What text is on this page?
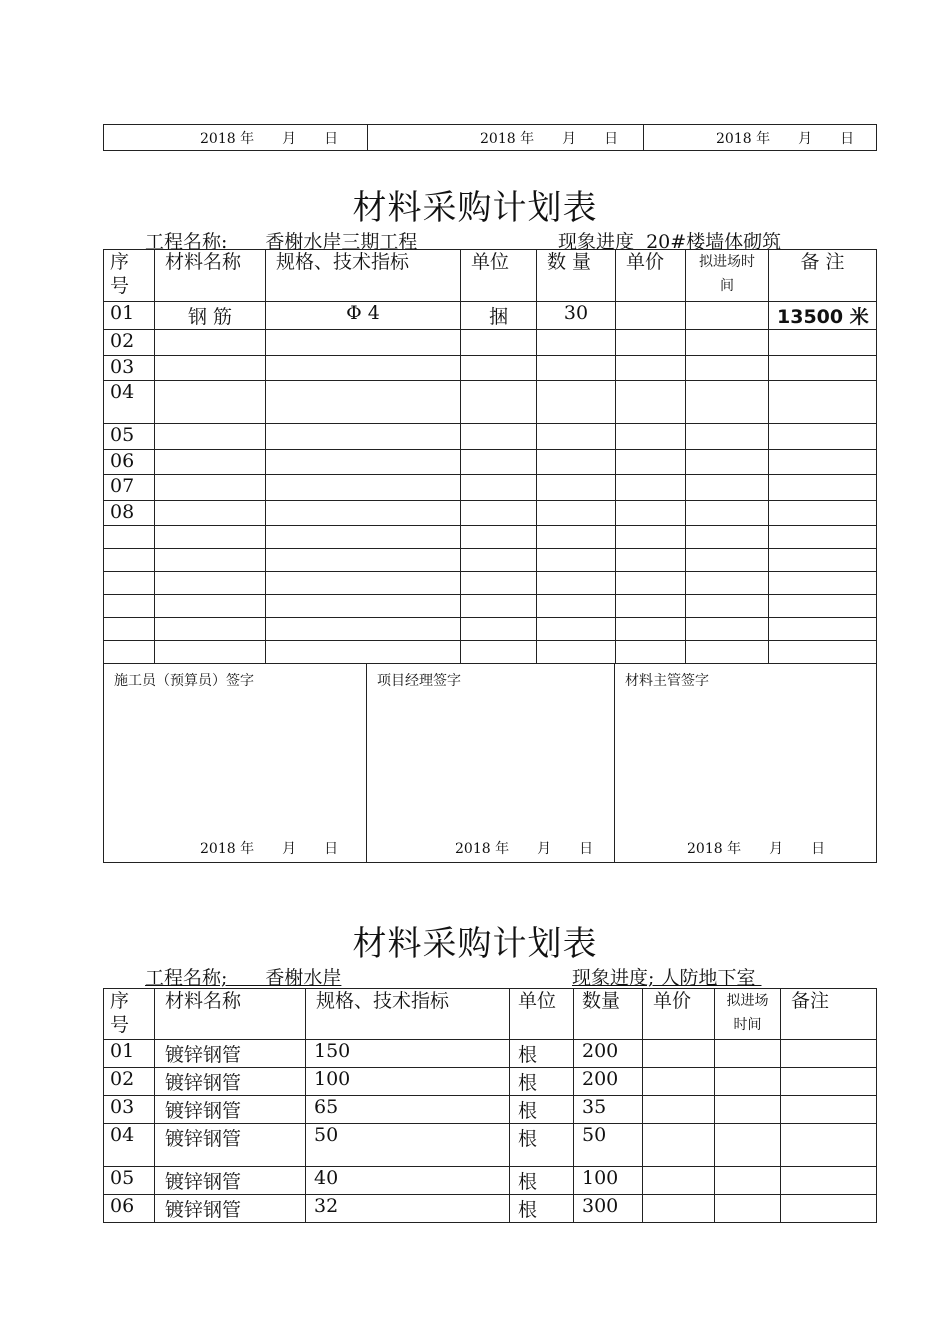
2018 年　　月　　日	2018 年　　月　　日	2018 年　　月　　日
材料采购计划表
工程名称:　　香榭水岸三期工程	现象进度  20#楼墙体砌筑
序
号	材料名称	规格、技术指标	单位	数 量	单价	拟进场时
间	备 注
01	钢 筋	Φ 4	捆	30			13500 米
02							
03							
04							
05							
06							
07							
08							

施工员（预算员）签字
2018 年　　月　　日

项目经理签字
2018 年　　月　　日

材料主管签字
2018 年　　月　　日
材料采购计划表
工程名称;　　香榭水岸	现象进度; 人防地下室
序
号	材料名称	规格、技术指标	单位	数量	单价	拟进场
时间	备注
01	镀锌钢管	150	根	200			
02	镀锌钢管	100	根	200			
03	镀锌钢管	65	根	35			
04	镀锌钢管	50	根	50			
05	镀锌钢管	40	根	100			
06	镀锌钢管	32	根	300			
